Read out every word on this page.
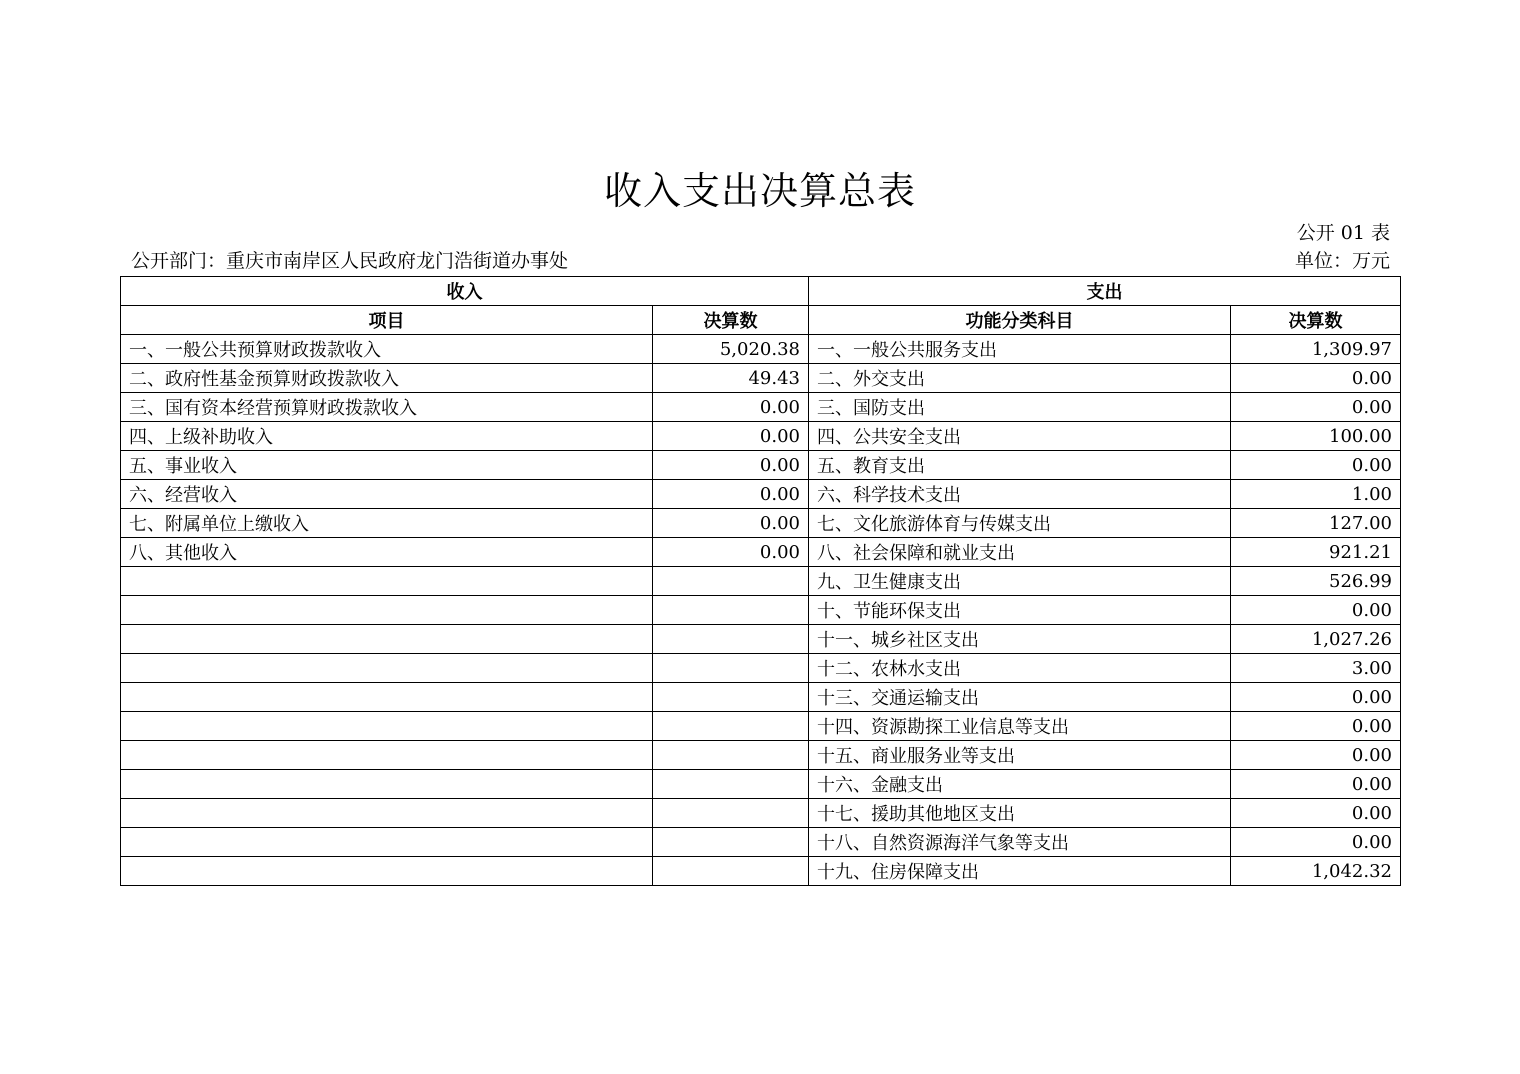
收入支出决算总表
公开 01 表
公开部门：重庆市南岸区人民政府龙门浩街道办事处	单位：万元
收入		支出	
项目	决算数	功能分类科目	决算数
一、一般公共预算财政拨款收入	5,020.38	一、一般公共服务支出	1,309.97
二、政府性基金预算财政拨款收入	49.43	二、外交支出	0.00
三、国有资本经营预算财政拨款收入	0.00	三、国防支出	0.00
四、上级补助收入	0.00	四、公共安全支出	100.00
五、事业收入	0.00	五、教育支出	0.00
六、经营收入	0.00	六、科学技术支出	1.00
七、附属单位上缴收入	0.00	七、文化旅游体育与传媒支出	127.00
八、其他收入	0.00	八、社会保障和就业支出	921.21
		九、卫生健康支出	526.99
		十、节能环保支出	0.00
		十一、城乡社区支出	1,027.26
		十二、农林水支出	3.00
		十三、交通运输支出	0.00
		十四、资源勘探工业信息等支出	0.00
		十五、商业服务业等支出	0.00
		十六、金融支出	0.00
		十七、援助其他地区支出	0.00
		十八、自然资源海洋气象等支出	0.00
		十九、住房保障支出	1,042.32
